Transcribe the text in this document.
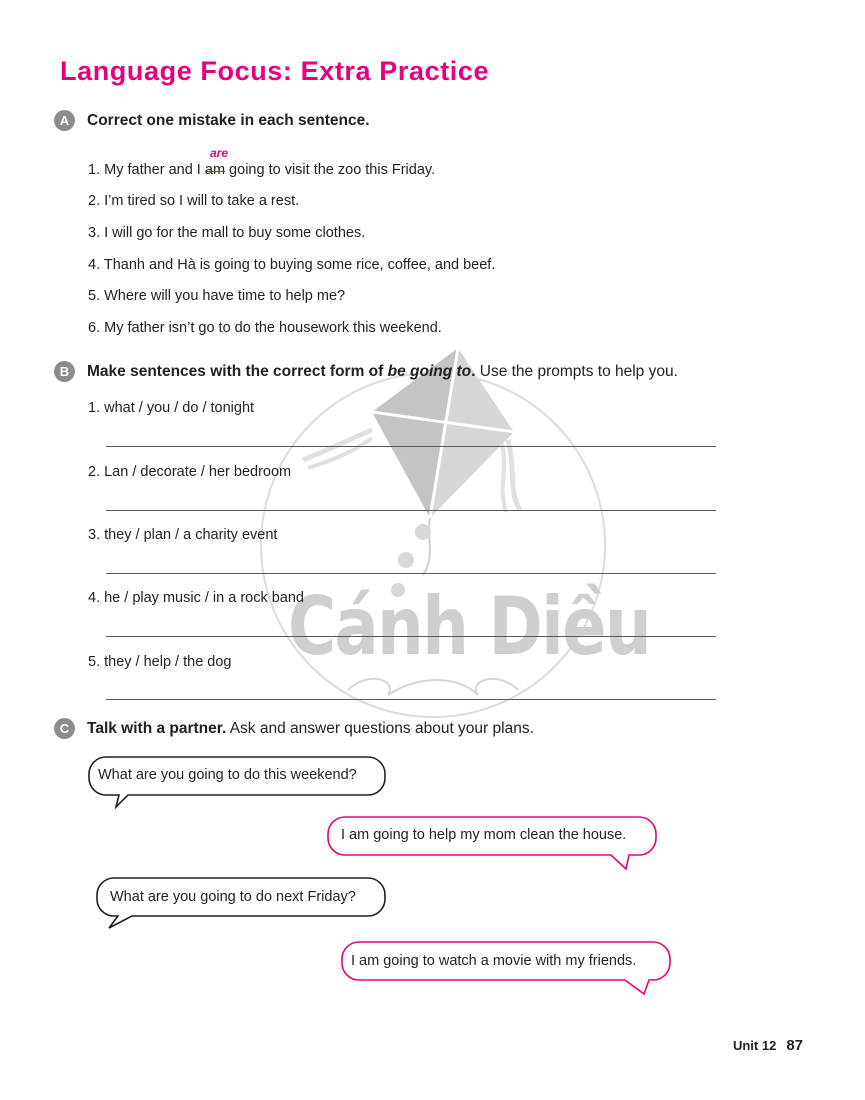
Cánh Diều
Language Focus: Extra Practice
A	Correct one mistake in each sentence.
are
1. My father and I am going to visit the zoo this Friday.
2. I’m tired so I will to take a rest.
3. I will go for the mall to buy some clothes.
4. Thanh and Hà is going to buying some rice, coffee, and beef.
5. Where will you have time to help me?
6. My father isn’t go to do the housework this weekend.
B	Make sentences with the correct form of be going to. Use the prompts to help you.
1. what / you / do / tonight
2. Lan / decorate / her bedroom
3. they / plan / a charity event
4. he / play music / in a rock band
5. they / help / the dog
C	Talk with a partner. Ask and answer questions about your plans.
What are you going to do this weekend?
I am going to help my mom clean the house.
What are you going to do next Friday?
I am going to watch a movie with my friends.
Unit 12 87
